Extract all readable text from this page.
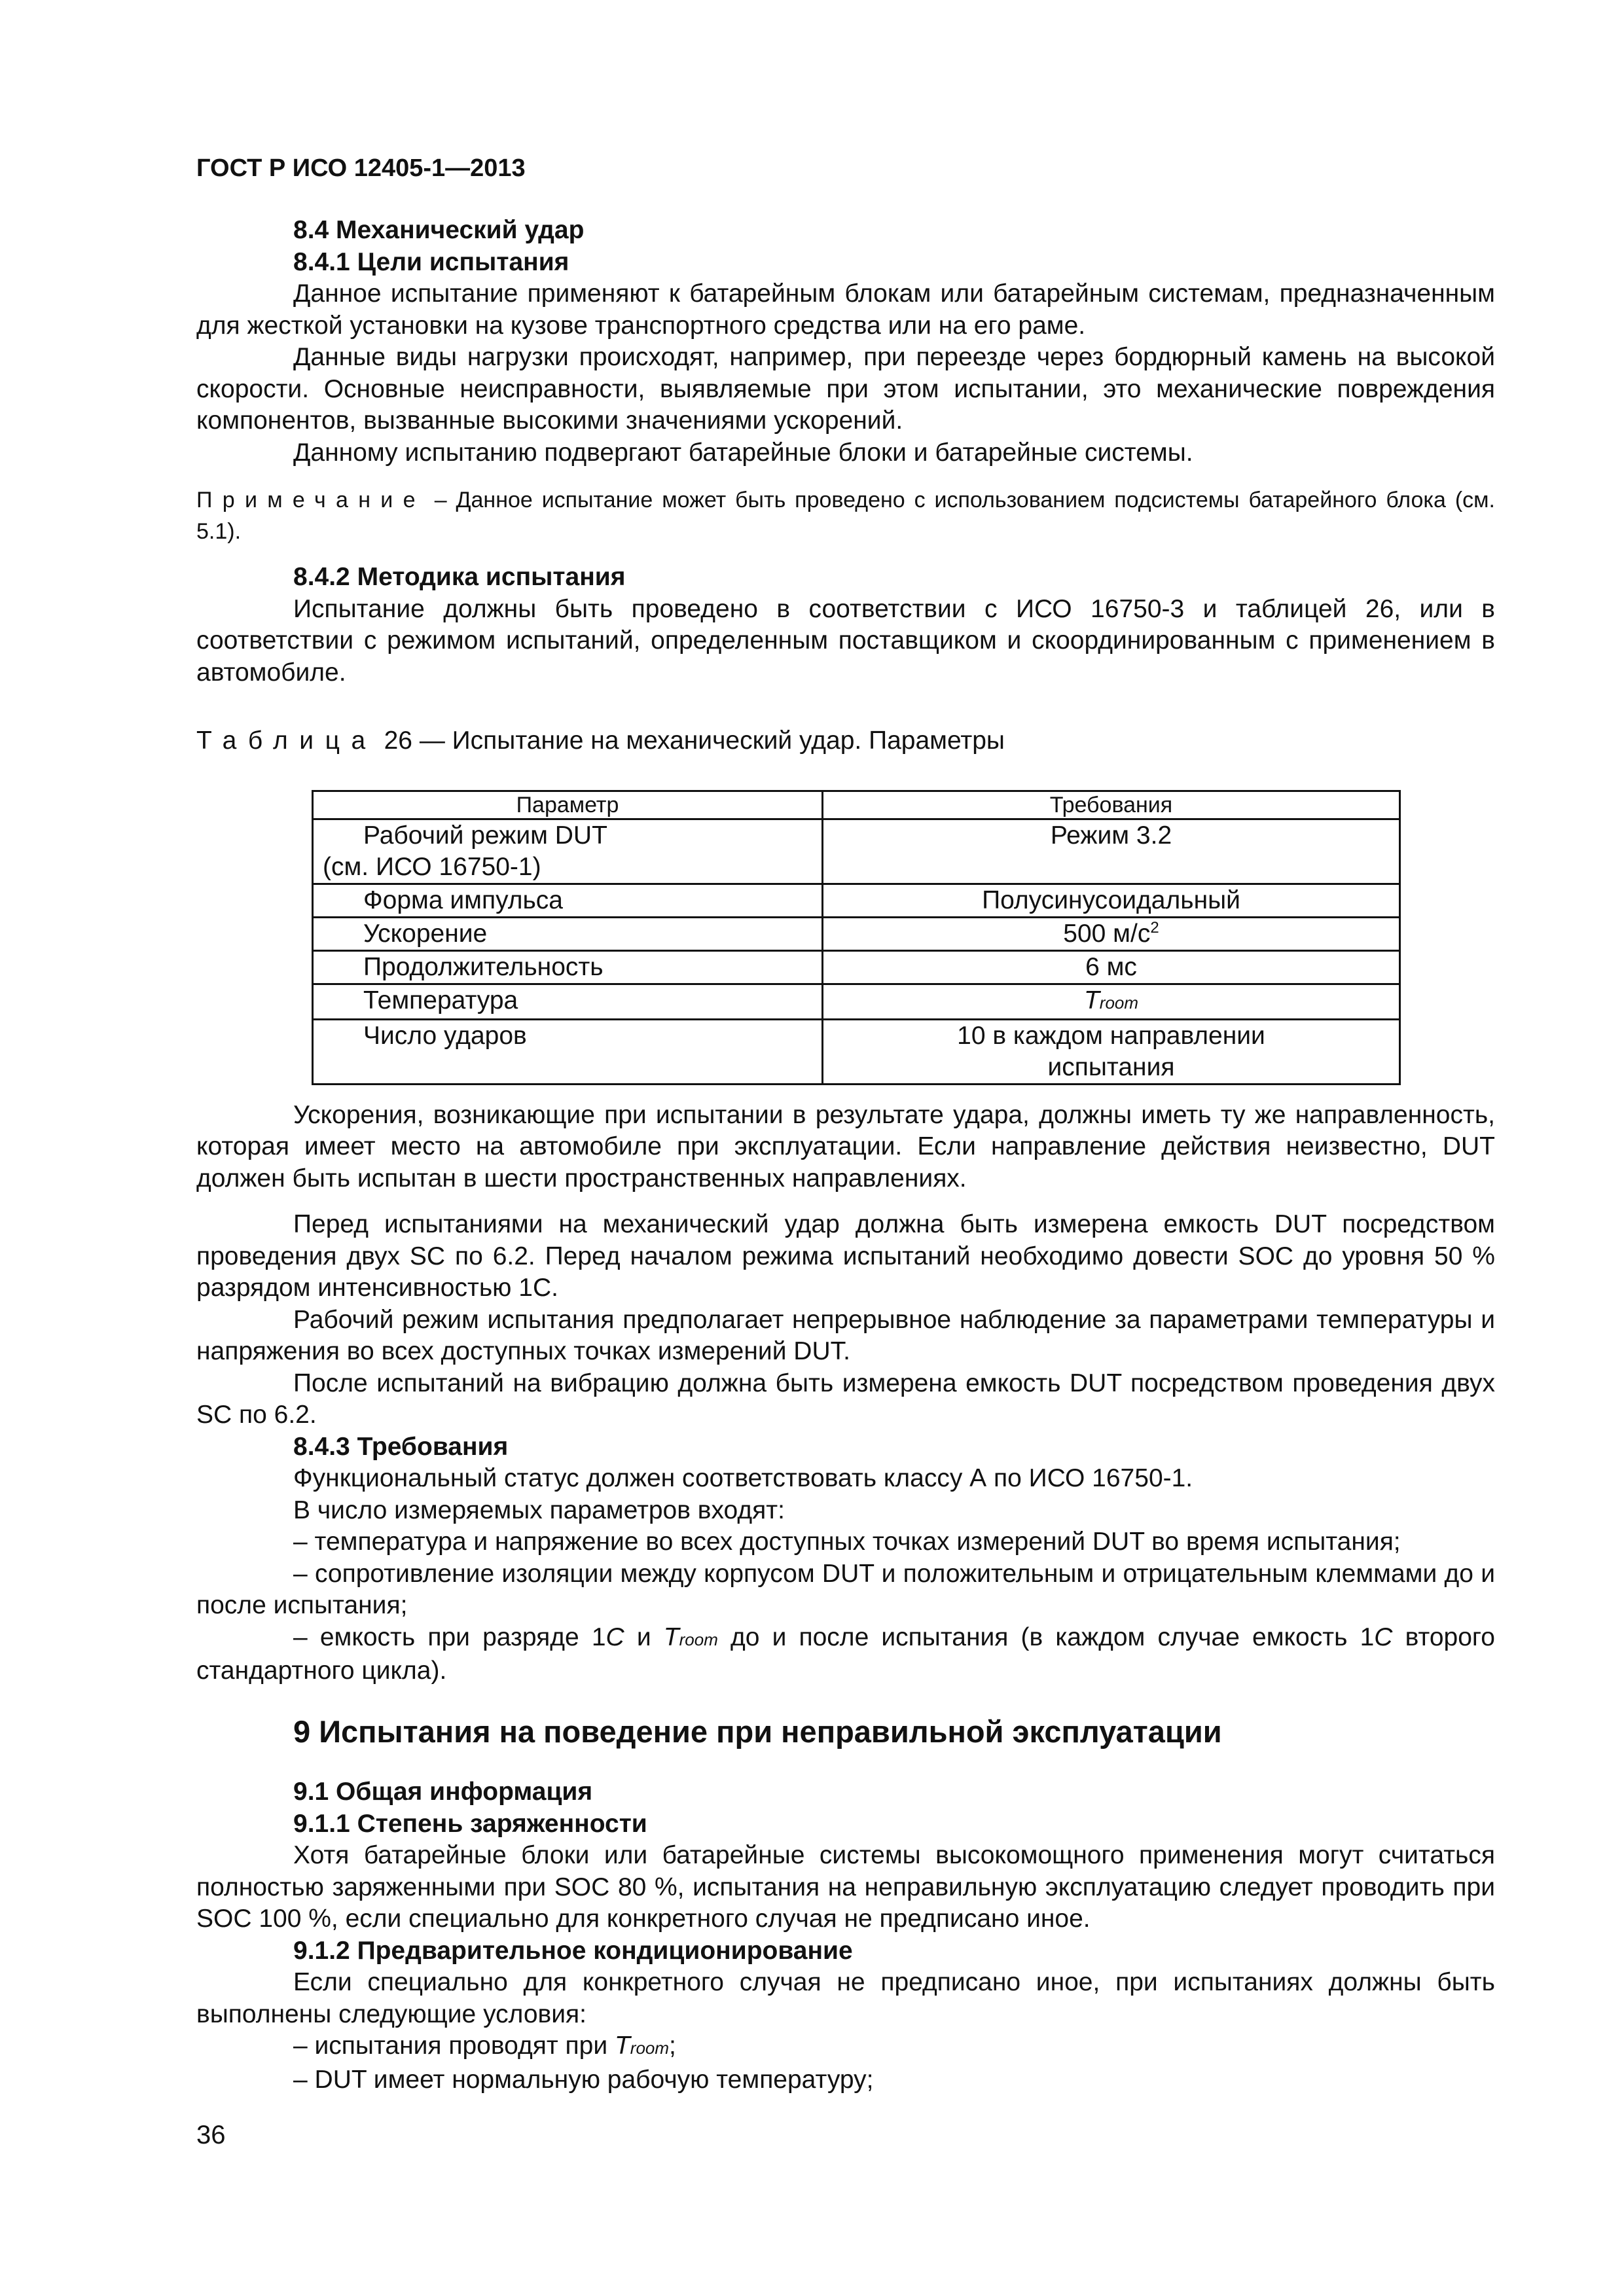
ГОСТ Р ИСО 12405-1—2013
8.4 Механический удар
8.4.1 Цели испытания

Данное испытание применяют к батарейным блокам или батарейным системам, предназначенным для жесткой установки на кузове транспортного средства или на его раме.

Данные виды нагрузки происходят, например, при переезде через бордюрный камень на высокой скорости. Основные неисправности, выявляемые при этом испытании, это механические повреждения компонентов, вызванные высокими значениями ускорений.

Данному испытанию подвергают батарейные блоки и батарейные системы.

Примечание – Данное испытание может быть проведено с использованием подсистемы батарейного блока (см. 5.1).

8.4.2 Методика испытания

Испытание должны быть проведено в соответствии с ИСО 16750-3 и таблицей 26, или в соответствии с режимом испытаний, определенным поставщиком и скоординированным с применением в автомобиле.

Таблица 26 — Испытание на механический удар. Параметры

Параметр	Требования

Рабочий режим DUT
(см. ИСО 16750-1)	Режим 3.2
Форма импульса	Полусинусоидальный
Ускорение	500 $м/с^2$
Продолжительность	6 мс
Температура	Troom
Число ударов	10 в каждом направлении
испытания

Ускорения, возникающие при испытании в результате удара, должны иметь ту же направленность, которая имеет место на автомобиле при эксплуатации. Если направление действия неизвестно, DUT должен быть испытан в шести пространственных направлениях.

Перед испытаниями на механический удар должна быть измерена емкость DUT посредством проведения двух SC по 6.2. Перед началом режима испытаний необходимо довести SOC до уровня 50 % разрядом интенсивностью 1C.

Рабочий режим испытания предполагает непрерывное наблюдение за параметрами температуры и напряжения во всех доступных точках измерений DUT.

После испытаний на вибрацию должна быть измерена емкость DUT посредством проведения двух SC по 6.2.

8.4.3 Требования

Функциональный статус должен соответствовать классу А по ИСО 16750-1.

В число измеряемых параметров входят:

– температура и напряжение во всех доступных точках измерений DUT во время испытания;

– сопротивление изоляции между корпусом DUT и положительным и отрицательным клеммами до и после испытания;

– емкость при разряде 1C и Troom до и после испытания (в каждом случае емкость 1C второго стандартного цикла).

9 Испытания на поведение при неправильной эксплуатации
9.1 Общая информация
9.1.1 Степень заряженности

Хотя батарейные блоки или батарейные системы высокомощного применения могут считаться полностью заряженными при SOC 80 %, испытания на неправильную эксплуатацию следует проводить при SOC 100 %, если специально для конкретного случая не предписано иное.

9.1.2 Предварительное кондиционирование

Если специально для конкретного случая не предписано иное, при испытаниях должны быть выполнены следующие условия:

– испытания проводят при Troom;

– DUT имеет нормальную рабочую температуру;

36
